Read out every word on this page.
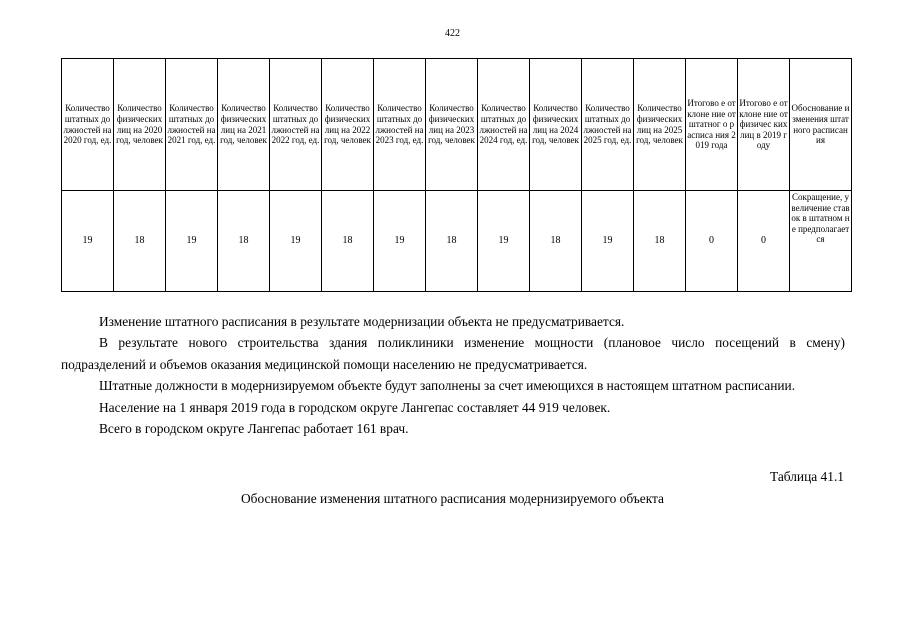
422
Количество штатных должностей на 2020 год, ед.	Количество физических лиц на 2020 год, человек	Количество штатных должностей на 2021 год, ед.	Количество физических лиц на 2021 год, человек	Количество штатных должностей на 2022 год, ед.	Количество физических лиц на 2022 год, человек	Количество штатных должностей на 2023 год, ед.	Количество физических лиц на 2023 год, человек	Количество штатных должностей на 2024 год, ед.	Количество физических лиц на 2024 год, человек	Количество штатных должностей на 2025 год, ед.	Количество физических лиц на 2025 год, человек	Итогово е отклоне ние от штатног о расписа ния 2019 года	Итогово е отклоне ние от физичес ких лиц в 2019 году	Обоснование изменения штатного расписания
19	18	19	18	19	18	19	18	19	18	19	18	0	0	Сокращение, увеличение ставок в штатном не предполагается

Изменение штатного расписания в результате модернизации объекта не предусматривается.

В результате нового строительства здания поликлиники изменение мощности (плановое число посещений в смену) подразделений и объемов оказания медицинской помощи населению не предусматривается.

Штатные должности в модернизируемом объекте будут заполнены за счет имеющихся в настоящем штатном расписании.

Население на 1 января 2019 года в городском округе Лангепас составляет 44 919 человек.

Всего в городском округе Лангепас работает 161 врач.

Таблица 41.1
Обоснование изменения штатного расписания модернизируемого объекта
